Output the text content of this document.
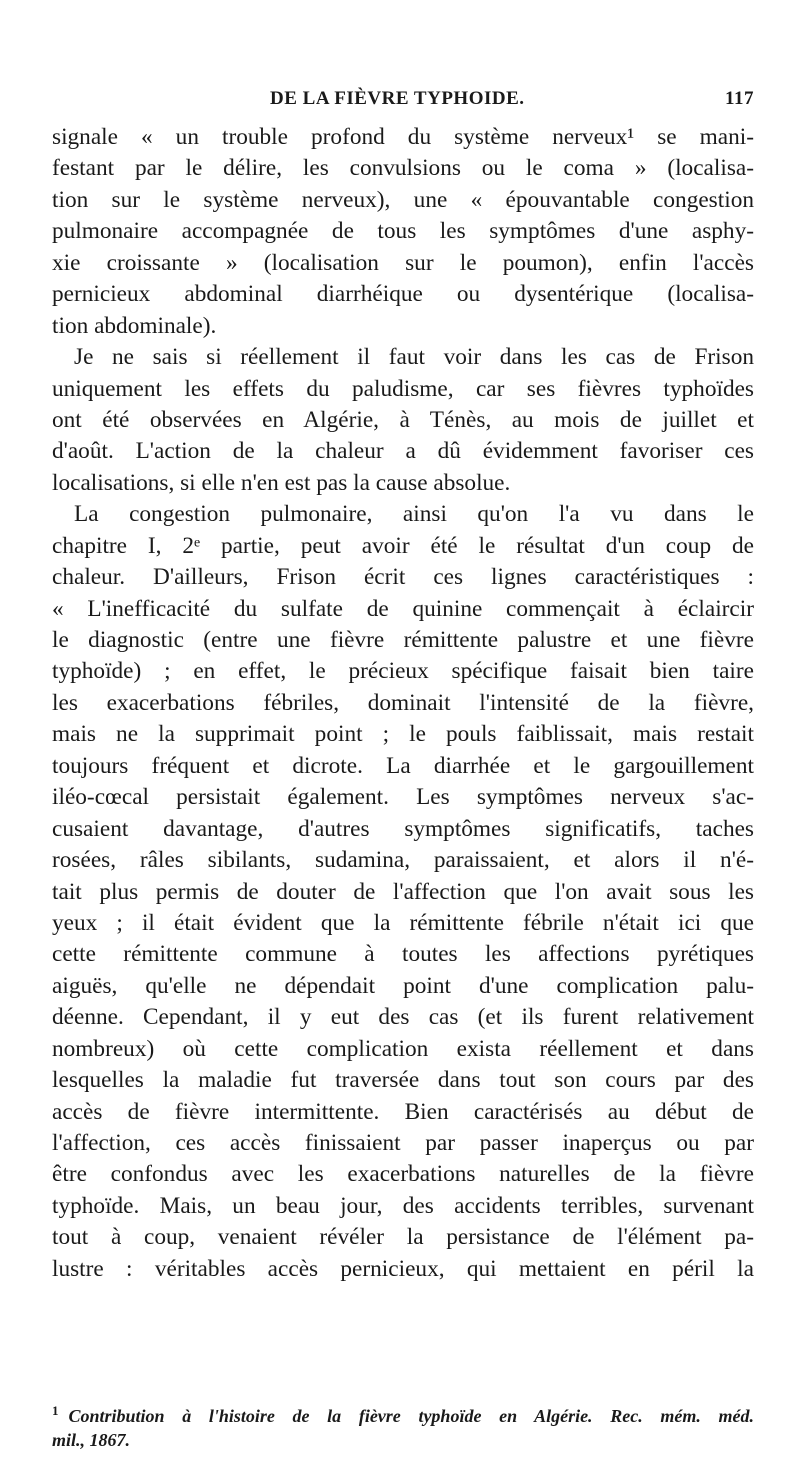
DE LA FIÈVRE TYPHOIDE.	117
signale « un trouble profond du système nerveux¹ se mani-
festant par le délire, les convulsions ou le coma » (localisa-
tion sur le système nerveux), une « épouvantable congestion
pulmonaire accompagnée de tous les symptômes d'une asphy-
xie croissante » (localisation sur le poumon), enfin l'accès
pernicieux abdominal diarrhéique ou dysentérique (localisa-
tion abdominale).
Je ne sais si réellement il faut voir dans les cas de Frison
uniquement les effets du paludisme, car ses fièvres typhoïdes
ont été observées en Algérie, à Ténès, au mois de juillet et
d'août. L'action de la chaleur a dû évidemment favoriser ces
localisations, si elle n'en est pas la cause absolue.
La congestion pulmonaire, ainsi qu'on l'a vu dans le
chapitre I, 2ᵉ partie, peut avoir été le résultat d'un coup de
chaleur. D'ailleurs, Frison écrit ces lignes caractéristiques :
« L'inefficacité du sulfate de quinine commençait à éclaircir
le diagnostic (entre une fièvre rémittente palustre et une fièvre
typhoïde) ; en effet, le précieux spécifique faisait bien taire
les exacerbations fébriles, dominait l'intensité de la fièvre,
mais ne la supprimait point ; le pouls faiblissait, mais restait
toujours fréquent et dicrote. La diarrhée et le gargouillement
iléo-cœcal persistait également. Les symptômes nerveux s'ac-
cusaient davantage, d'autres symptômes significatifs, taches
rosées, râles sibilants, sudamina, paraissaient, et alors il n'é-
tait plus permis de douter de l'affection que l'on avait sous les
yeux ; il était évident que la rémittente fébrile n'était ici que
cette rémittente commune à toutes les affections pyrétiques
aiguës, qu'elle ne dépendait point d'une complication palu-
déenne. Cependant, il y eut des cas (et ils furent relativement
nombreux) où cette complication exista réellement et dans
lesquelles la maladie fut traversée dans tout son cours par des
accès de fièvre intermittente. Bien caractérisés au début de
l'affection, ces accès finissaient par passer inaperçus ou par
être confondus avec les exacerbations naturelles de la fièvre
typhoïde. Mais, un beau jour, des accidents terribles, survenant
tout à coup, venaient révéler la persistance de l'élément pa-
lustre : véritables accès pernicieux, qui mettaient en péril la
$^1$ Contribution à l'histoire de la fièvre typhoïde en Algérie. Rec. mém. méd.
mil., 1867.
